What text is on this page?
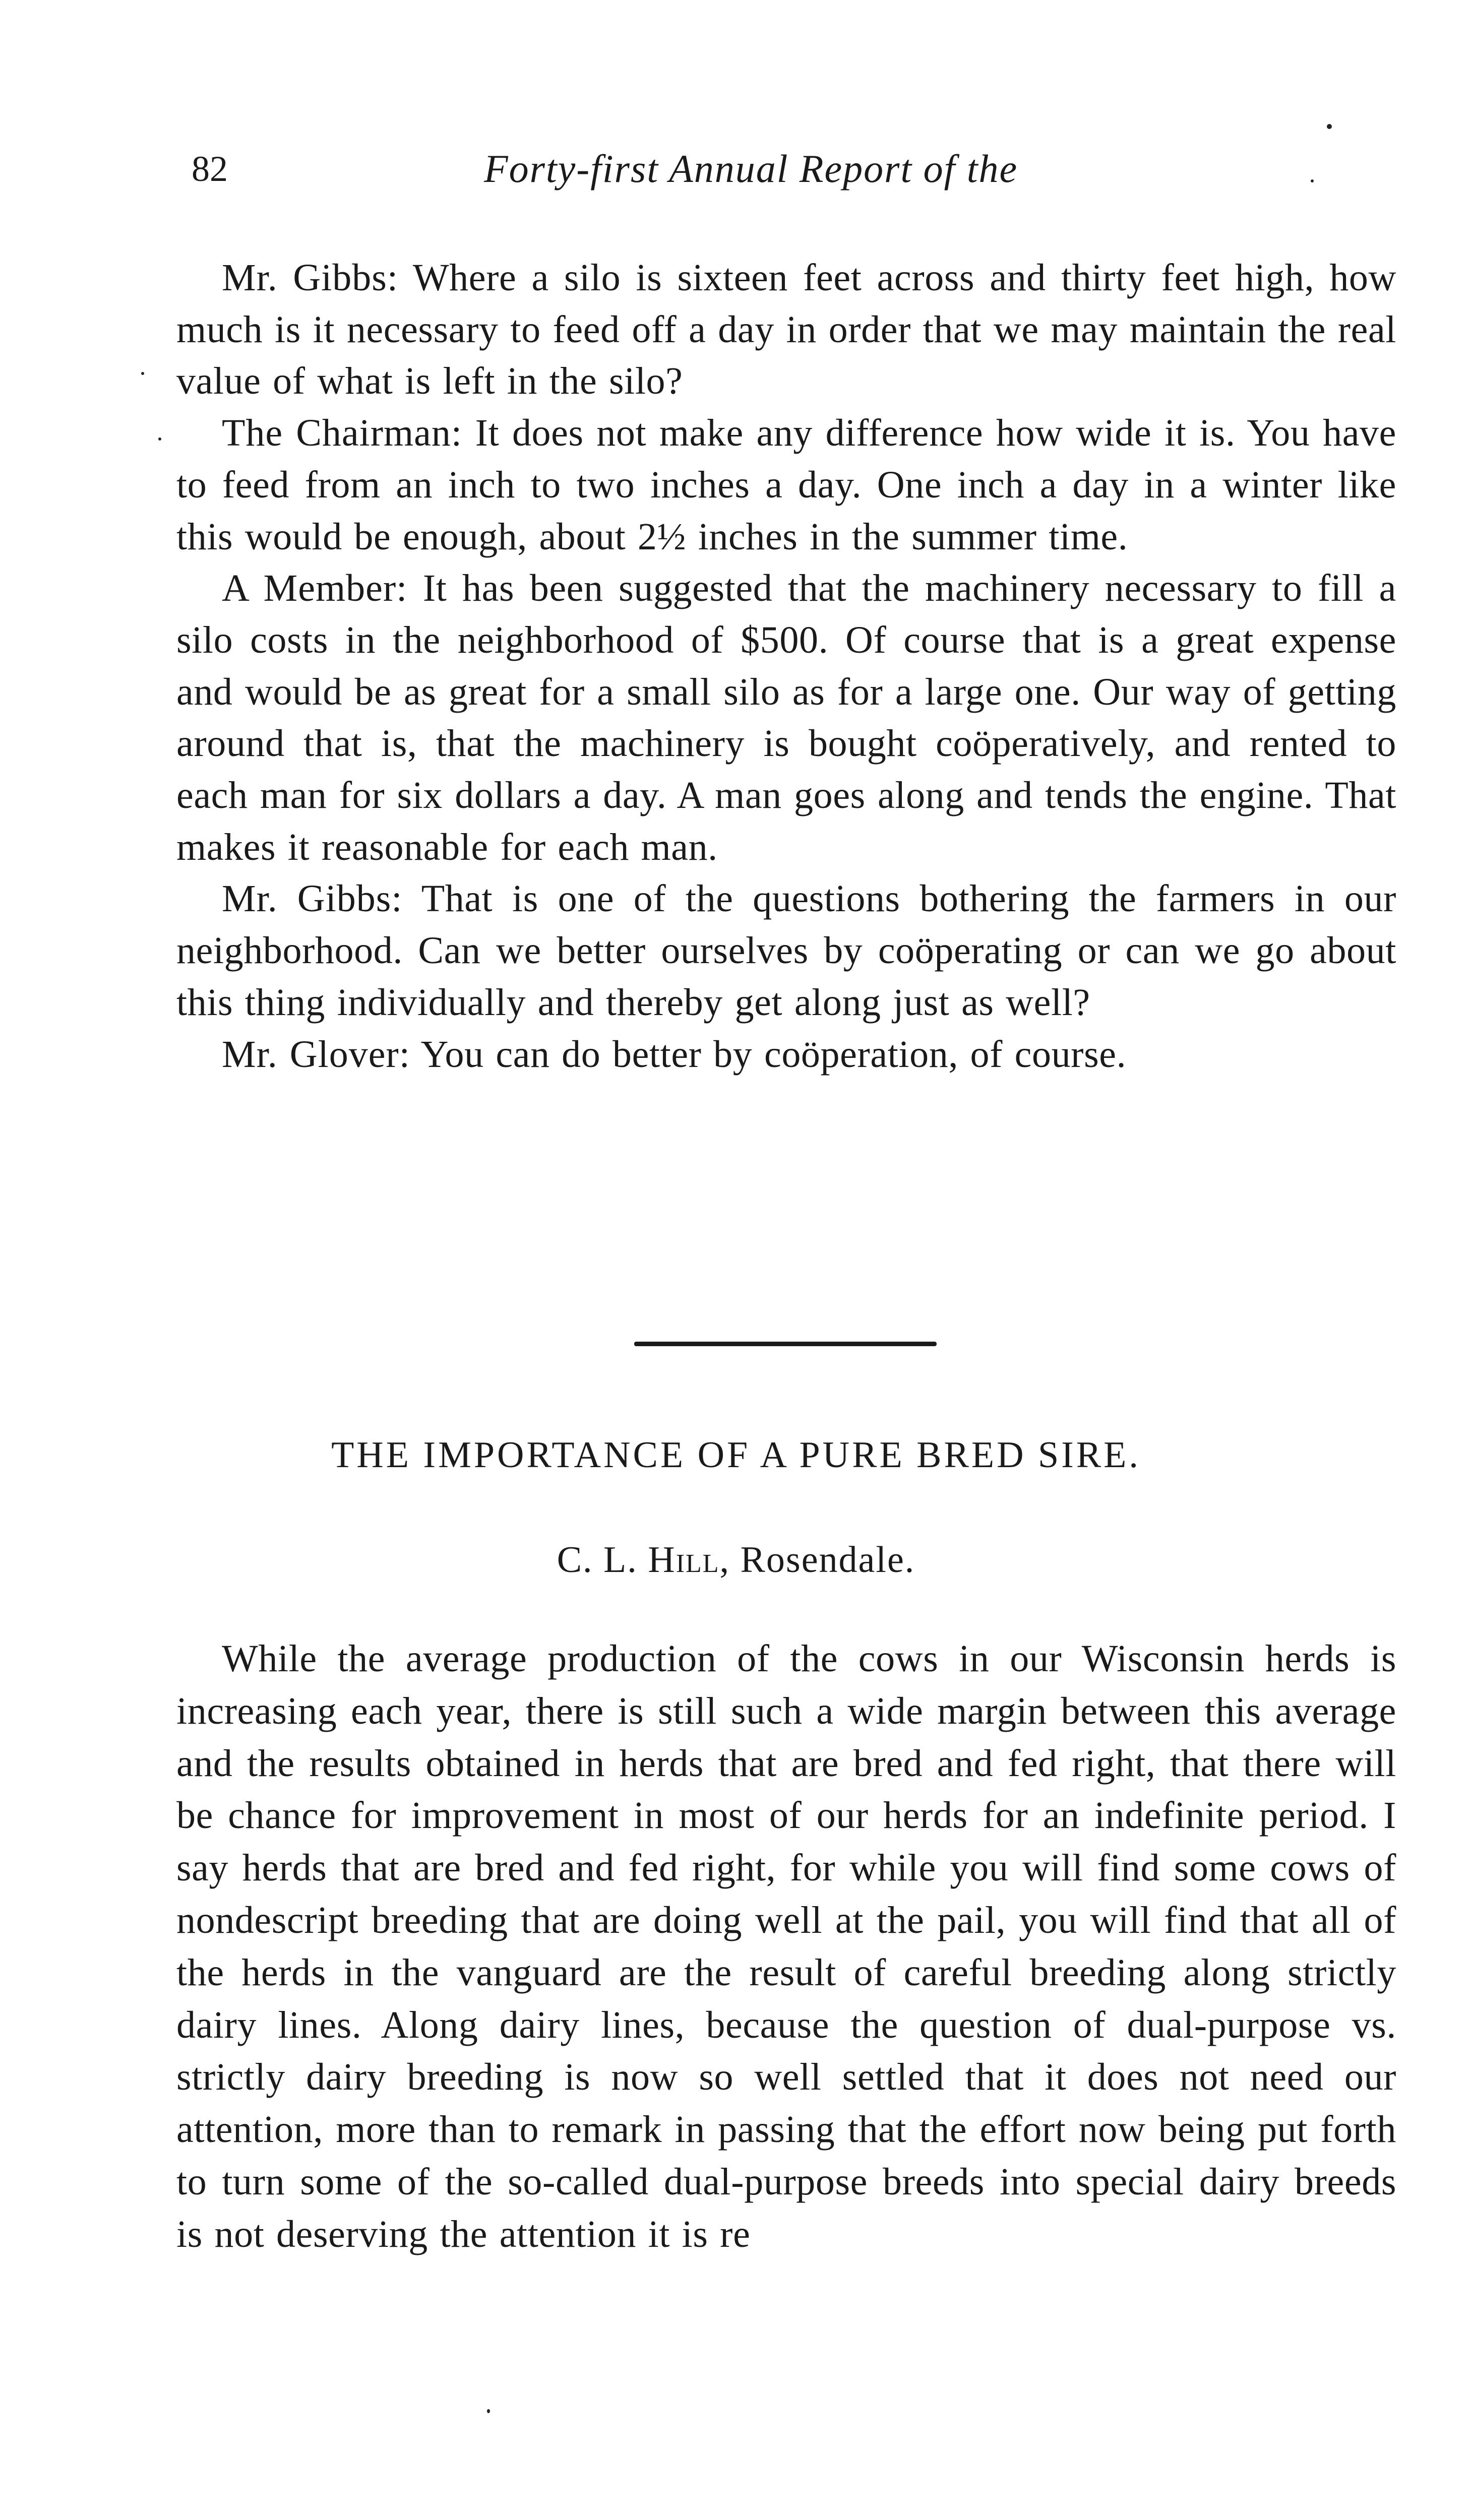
82	Forty-first Annual Report of the

Mr. Gibbs: Where a silo is sixteen feet across and thirty feet high, how much is it necessary to feed off a day in order that we may maintain the real value of what is left in the silo?

The Chairman: It does not make any difference how wide it is. You have to feed from an inch to two inches a day. One inch a day in a winter like this would be enough, about 2½ inches in the summer time.

A Member: It has been suggested that the machinery necessary to fill a silo costs in the neighborhood of $500. Of course that is a great expense and would be as great for a small silo as for a large one. Our way of getting around that is, that the machinery is bought coöperatively, and rented to each man for six dollars a day. A man goes along and tends the engine. That makes it reasonable for each man.

Mr. Gibbs: That is one of the questions bothering the farmers in our neighborhood. Can we better ourselves by coöperating or can we go about this thing individually and thereby get along just as well?

Mr. Glover: You can do better by coöperation, of course.

THE IMPORTANCE OF A PURE BRED SIRE.
C. L. Hill, Rosendale.

While the average production of the cows in our Wisconsin herds is increasing each year, there is still such a wide margin between this average and the results obtained in herds that are bred and fed right, that there will be chance for improvement in most of our herds for an indefinite period. I say herds that are bred and fed right, for while you will find some cows of nondescript breeding that are doing well at the pail, you will find that all of the herds in the vanguard are the result of careful breeding along strictly dairy lines. Along dairy lines, because the question of dual-purpose vs. strictly dairy breeding is now so well settled that it does not need our attention, more than to remark in passing that the effort now being put forth to turn some of the so-called dual-purpose breeds into special dairy breeds is not deserving the attention it is re
